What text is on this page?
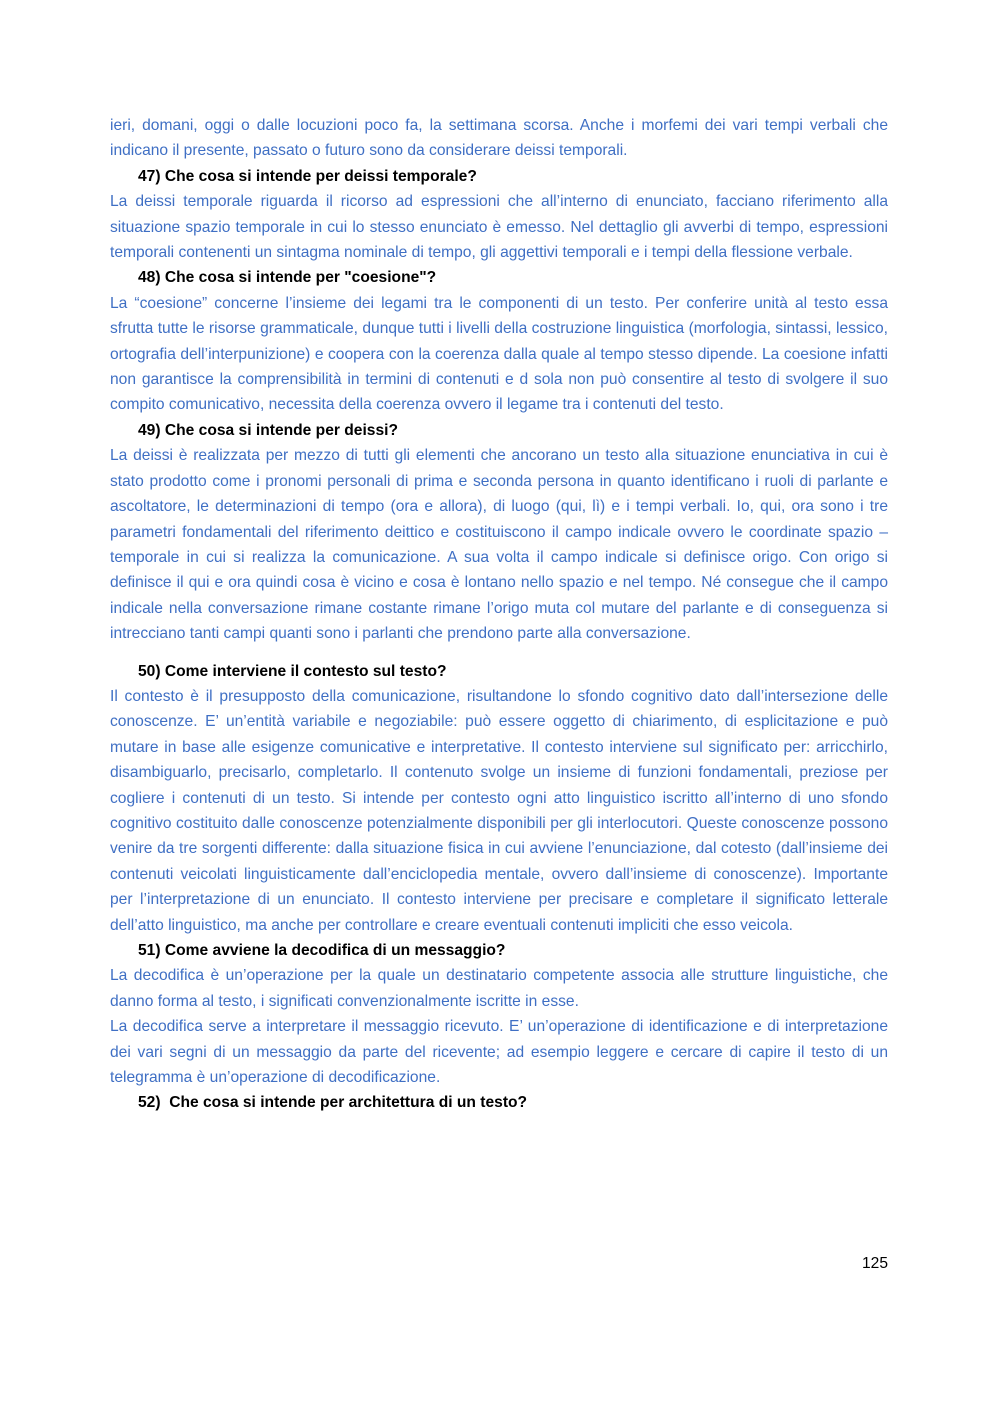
ieri, domani, oggi o dalle locuzioni poco fa, la settimana scorsa. Anche i morfemi dei vari tempi verbali che indicano il presente, passato o futuro sono da considerare deissi temporali.

47)
Che cosa si intende per deissi temporale?

La deissi temporale riguarda il ricorso ad espressioni che all’interno di enunciato, facciano riferimento alla situazione spazio temporale in cui lo stesso enunciato è emesso. Nel dettaglio gli avverbi di tempo, espressioni temporali contenenti un sintagma nominale di tempo, gli aggettivi temporali e i tempi della flessione verbale.

48)
Che cosa si intende per "coesione"?

La “coesione” concerne l’insieme dei legami tra le componenti di un testo. Per conferire unità al testo essa sfrutta tutte le risorse grammaticale, dunque tutti i livelli della costruzione linguistica (morfologia, sintassi, lessico, ortografia dell’interpunizione) e coopera con la coerenza dalla quale al tempo stesso dipende. La coesione infatti non garantisce la comprensibilità in termini di contenuti e d sola non può consentire al testo di svolgere il suo compito comunicativo, necessita della coerenza ovvero il legame tra i contenuti del testo.

49)
Che cosa si intende per deissi?

La deissi è realizzata per mezzo di tutti gli elementi che ancorano un testo alla situazione enunciativa in cui è stato prodotto come i pronomi personali di prima e seconda persona in quanto identificano i ruoli di parlante e ascoltatore, le determinazioni di tempo (ora e allora), di luogo (qui, lì) e i tempi verbali. Io, qui, ora sono i tre parametri fondamentali del riferimento deittico e costituiscono il campo indicale ovvero le coordinate spazio – temporale in cui si realizza la comunicazione. A sua volta il campo indicale si definisce origo. Con origo si definisce il qui e ora quindi cosa è vicino e cosa è lontano nello spazio e nel tempo. Né consegue che il campo indicale nella conversazione rimane costante rimane l’origo muta col mutare del parlante e di conseguenza si intrecciano tanti campi quanti sono i parlanti che prendono parte alla conversazione.

50)
Come interviene il contesto sul testo?

Il contesto è il presupposto della comunicazione, risultandone lo sfondo cognitivo dato dall’intersezione delle conoscenze. E’ un’entità variabile e negoziabile: può essere oggetto di chiarimento, di esplicitazione e può mutare in base alle esigenze comunicative e interpretative. Il contesto interviene sul significato per: arricchirlo, disambiguarlo, precisarlo, completarlo. Il contenuto svolge un insieme di funzioni fondamentali, preziose per cogliere i contenuti di un testo. Si intende per contesto ogni atto linguistico iscritto all’interno di uno sfondo cognitivo costituito dalle conoscenze potenzialmente disponibili per gli interlocutori. Queste conoscenze possono venire da tre sorgenti differente: dalla situazione fisica in cui avviene l’enunciazione, dal cotesto (dall’insieme dei contenuti veicolati linguisticamente dall’enciclopedia mentale, ovvero dall’insieme di conoscenze). Importante per l’interpretazione di un enunciato. Il contesto interviene per precisare e completare il significato letterale dell’atto linguistico, ma anche per controllare e creare eventuali contenuti impliciti che esso veicola.

51)
Come avviene la decodifica di un messaggio?

La decodifica è un’operazione per la quale un destinatario competente associa alle strutture linguistiche, che danno forma al testo, i significati convenzionalmente iscritte in esse.

La decodifica serve a interpretare il messaggio ricevuto. E’ un’operazione di identificazione e di interpretazione dei vari segni di un messaggio da parte del ricevente; ad esempio leggere e cercare di capire il testo di un telegramma è un’operazione di decodificazione.

52)
Che cosa si intende per architettura di un testo?
125
